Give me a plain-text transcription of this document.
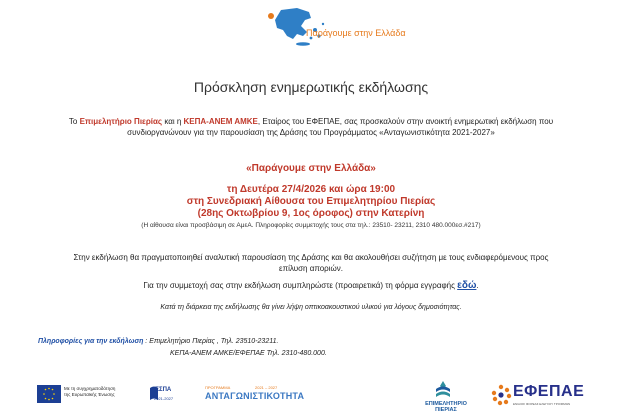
Παράγουμε στην Ελλάδα
Πρόσκληση ενημερωτικής εκδήλωσης
Το Επιμελητήριο Πιερίας και η ΚΕΠΑ-ΑΝΕΜ ΑΜΚΕ, Εταίρος του ΕΦΕΠΑΕ, σας προσκαλούν στην ανοικτή ενημερωτική εκδήλωση που συνδιοργανώνουν για την παρουσίαση της Δράσης του Προγράμματος «Ανταγωνιστικότητα 2021-2027»
«Παράγουμε στην Ελλάδα»
τη Δευτέρα 27/4/2026 και ώρα 19:00
στη Συνεδριακή Αίθουσα του Επιμελητηρίου Πιερίας
(28ης Οκτωβρίου 9, 1ος όροφος) στην Κατερίνη
(Η αίθουσα είναι προσβάσιμη σε ΑμεΑ. Πληροφορίες συμμετοχής τους στα τηλ.: 23510- 23211, 2310 480.000εσ.#217)
Στην εκδήλωση θα πραγματοποιηθεί αναλυτική παρουσίαση της Δράσης και θα ακολουθήσει συζήτηση με τους ενδιαφερόμενους προς επίλυση αποριών.
Για την συμμετοχή σας στην εκδήλωση συμπληρώστε (προαιρετικά) τη φόρμα εγγραφής εδώ.
Κατά τη διάρκεια της εκδήλωσης θα γίνει λήψη οπτικοακουστικού υλικού για λόγους δημοσιότητας.
Πληροφορίες για την εκδήλωση : Επιμελητήριο Πιερίας , Τηλ. 23510-23211.
ΚΕΠΑ-ΑΝΕΜ ΑΜΚΕ/ΕΦΕΠΑΕ Τηλ. 2310-480.000.
Με τη συγχρηματοδότηση
της Ευρωπαϊκής Ένωσης
ΕΣΠΑ
2021-2027
ΠΡΟΓΡΑΜΜΑ	2021 – 2027
ΑΝΤΑΓΩΝΙΣΤΙΚΟΤΗΤΑ
ΕΠΙΜΕΛΗΤΗΡΙΟ
ΠΙΕΡΙΑΣ
ΕΦΕΠΑΕ
ΕΝΙΑΙΟΣ ΦΟΡΕΑΣ ΕΛΕΓΧΟΥ ΤΡΟΦΙΜΩΝ
